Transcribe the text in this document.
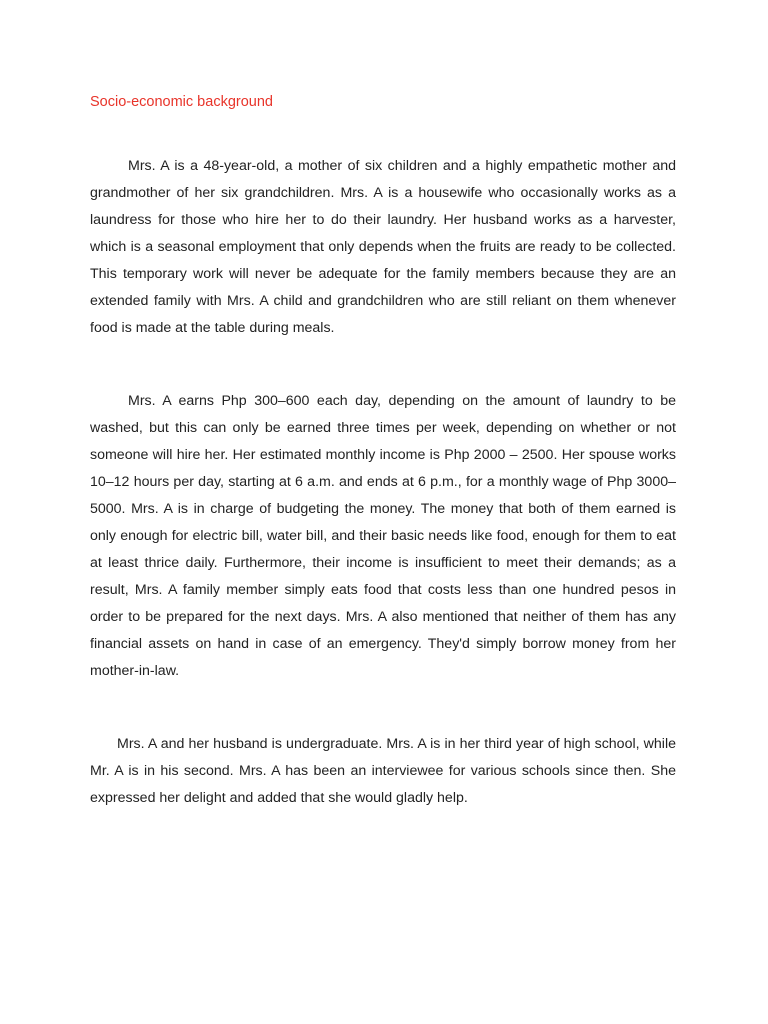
Socio-economic background

Mrs. A is a 48-year-old, a mother of six children and a highly empathetic mother and grandmother of her six grandchildren. Mrs. A is a housewife who occasionally works as a laundress for those who hire her to do their laundry. Her husband works as a harvester, which is a seasonal employment that only depends when the fruits are ready to be collected. This temporary work will never be adequate for the family members because they are an extended family with Mrs. A child and grandchildren who are still reliant on them whenever food is made at the table during meals.

Mrs. A earns Php 300–600 each day, depending on the amount of laundry to be washed, but this can only be earned three times per week, depending on whether or not someone will hire her. Her estimated monthly income is Php 2000 – 2500. Her spouse works 10–12 hours per day, starting at 6 a.m. and ends at 6 p.m., for a monthly wage of Php 3000–5000. Mrs. A is in charge of budgeting the money. The money that both of them earned is only enough for electric bill, water bill, and their basic needs like food, enough for them to eat at least thrice daily. Furthermore, their income is insufficient to meet their demands; as a result, Mrs. A family member simply eats food that costs less than one hundred pesos in order to be prepared for the next days. Mrs. A also mentioned that neither of them has any financial assets on hand in case of an emergency. They'd simply borrow money from her mother-in-law.

Mrs. A and her husband is undergraduate. Mrs. A is in her third year of high school, while Mr. A is in his second. Mrs. A has been an interviewee for various schools since then. She expressed her delight and added that she would gladly help.
